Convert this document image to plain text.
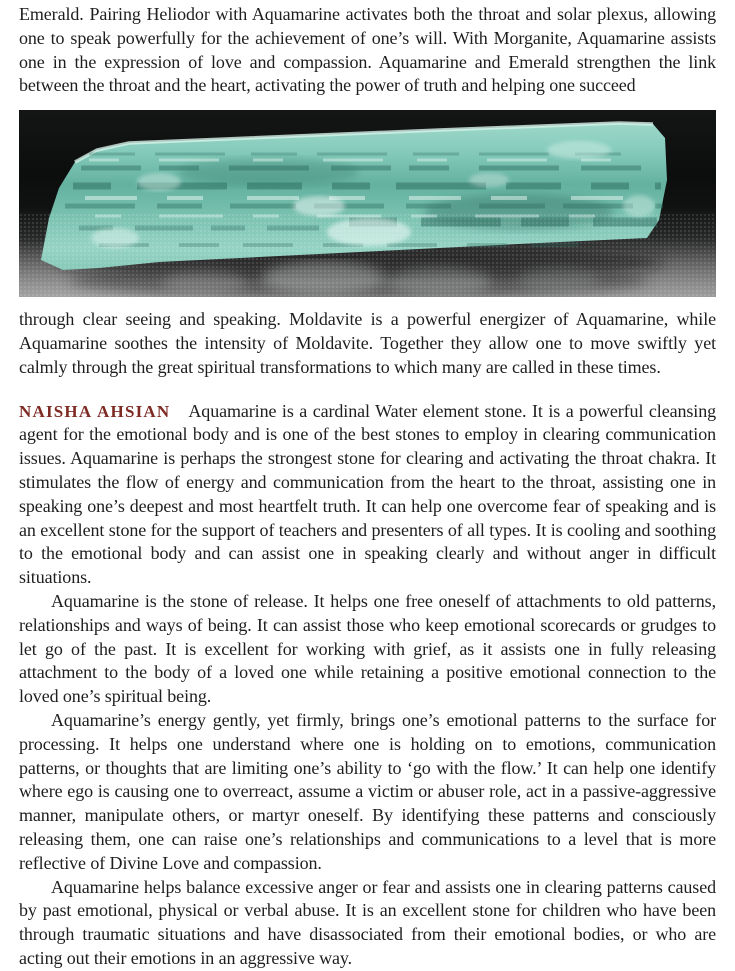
Emerald. Pairing Heliodor with Aquamarine activates both the throat and solar plexus, allowing one to speak powerfully for the achievement of one’s will. With Morganite, Aquamarine assists one in the expression of love and compassion. Aquamarine and Emerald strengthen the link between the throat and the heart, activating the power of truth and helping one succeed

through clear seeing and speaking. Moldavite is a powerful energizer of Aquamarine, while Aquamarine soothes the intensity of Moldavite. Together they allow one to move swiftly yet calmly through the great spiritual transformations to which many are called in these times.

NAISHA AHSIAN Aquamarine is a cardinal Water element stone. It is a powerful cleansing agent for the emotional body and is one of the best stones to employ in clearing communication issues. Aquamarine is perhaps the strongest stone for clearing and activating the throat chakra. It stimulates the flow of energy and communication from the heart to the throat, assisting one in speaking one’s deepest and most heartfelt truth. It can help one overcome fear of speaking and is an excellent stone for the support of teachers and presenters of all types. It is cooling and soothing to the emotional body and can assist one in speaking clearly and without anger in difficult situations.

Aquamarine is the stone of release. It helps one free oneself of attachments to old patterns, relationships and ways of being. It can assist those who keep emotional scorecards or grudges to let go of the past. It is excellent for working with grief, as it assists one in fully releasing attachment to the body of a loved one while retaining a positive emotional connection to the loved one’s spiritual being.

Aquamarine’s energy gently, yet firmly, brings one’s emotional patterns to the surface for processing. It helps one understand where one is holding on to emotions, communication patterns, or thoughts that are limiting one’s ability to ‘go with the flow.’ It can help one identify where ego is causing one to overreact, assume a victim or abuser role, act in a passive-aggressive manner, manipulate others, or martyr oneself. By identifying these patterns and consciously releasing them, one can raise one’s relationships and communications to a level that is more reflective of Divine Love and compassion.

Aquamarine helps balance excessive anger or fear and assists one in clearing patterns caused by past emotional, physical or verbal abuse. It is an excellent stone for children who have been through traumatic situations and have disassociated from their emotional bodies, or who are acting out their emotions in an aggressive way.
